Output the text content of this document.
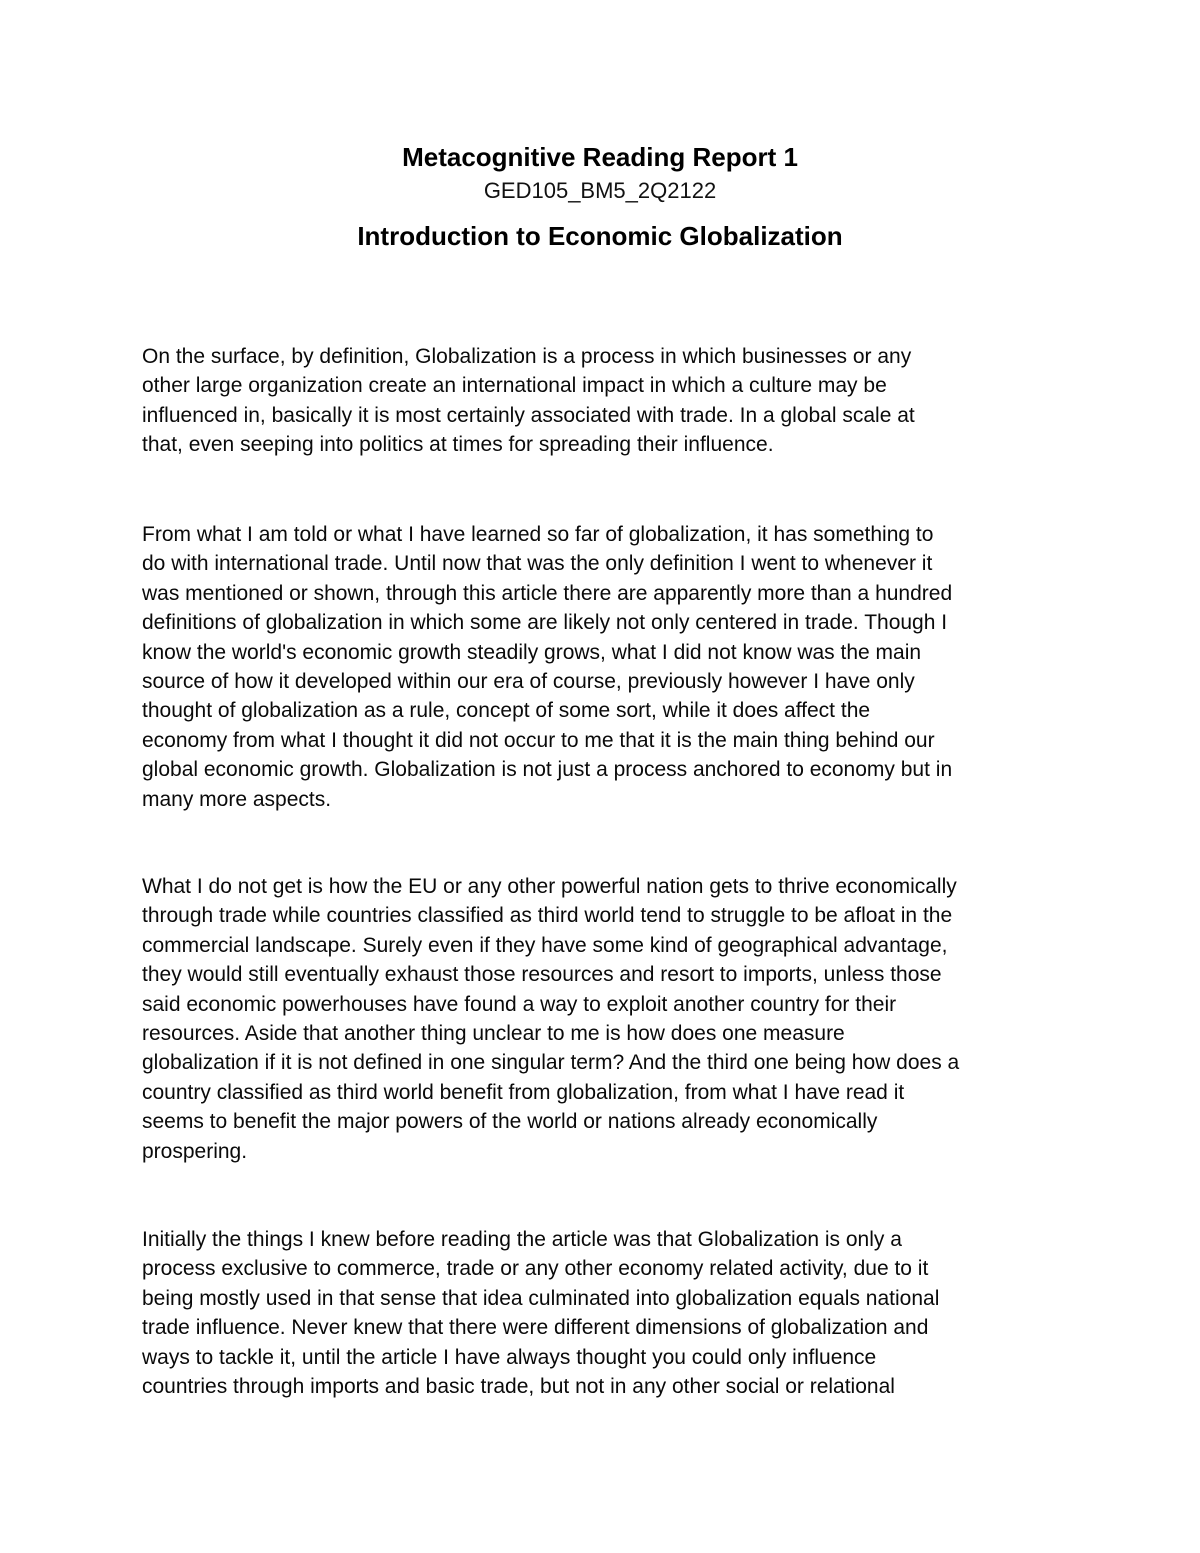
Metacognitive Reading Report 1
GED105_BM5_2Q2122
Introduction to Economic Globalization

On the surface, by definition, Globalization is a process in which businesses or any
other large organization create an international impact in which a culture may be
influenced in, basically it is most certainly associated with trade. In a global scale at
that, even seeping into politics at times for spreading their influence.

From what I am told or what I have learned so far of globalization, it has something to
do with international trade. Until now that was the only definition I went to whenever it
was mentioned or shown, through this article there are apparently more than a hundred
definitions of globalization in which some are likely not only centered in trade. Though I
know the world's economic growth steadily grows, what I did not know was the main
source of how it developed within our era of course, previously however I have only
thought of globalization as a rule, concept of some sort, while it does affect the
economy from what I thought it did not occur to me that it is the main thing behind our
global economic growth. Globalization is not just a process anchored to economy but in
many more aspects.

What I do not get is how the EU or any other powerful nation gets to thrive economically
through trade while countries classified as third world tend to struggle to be afloat in the
commercial landscape. Surely even if they have some kind of geographical advantage,
they would still eventually exhaust those resources and resort to imports, unless those
said economic powerhouses have found a way to exploit another country for their
resources. Aside that another thing unclear to me is how does one measure
globalization if it is not defined in one singular term? And the third one being how does a
country classified as third world benefit from globalization, from what I have read it
seems to benefit the major powers of the world or nations already economically
prospering.

Initially the things I knew before reading the article was that Globalization is only a
process exclusive to commerce, trade or any other economy related activity, due to it
being mostly used in that sense that idea culminated into globalization equals national
trade influence. Never knew that there were different dimensions of globalization and
ways to tackle it, until the article I have always thought you could only influence
countries through imports and basic trade, but not in any other social or relational
